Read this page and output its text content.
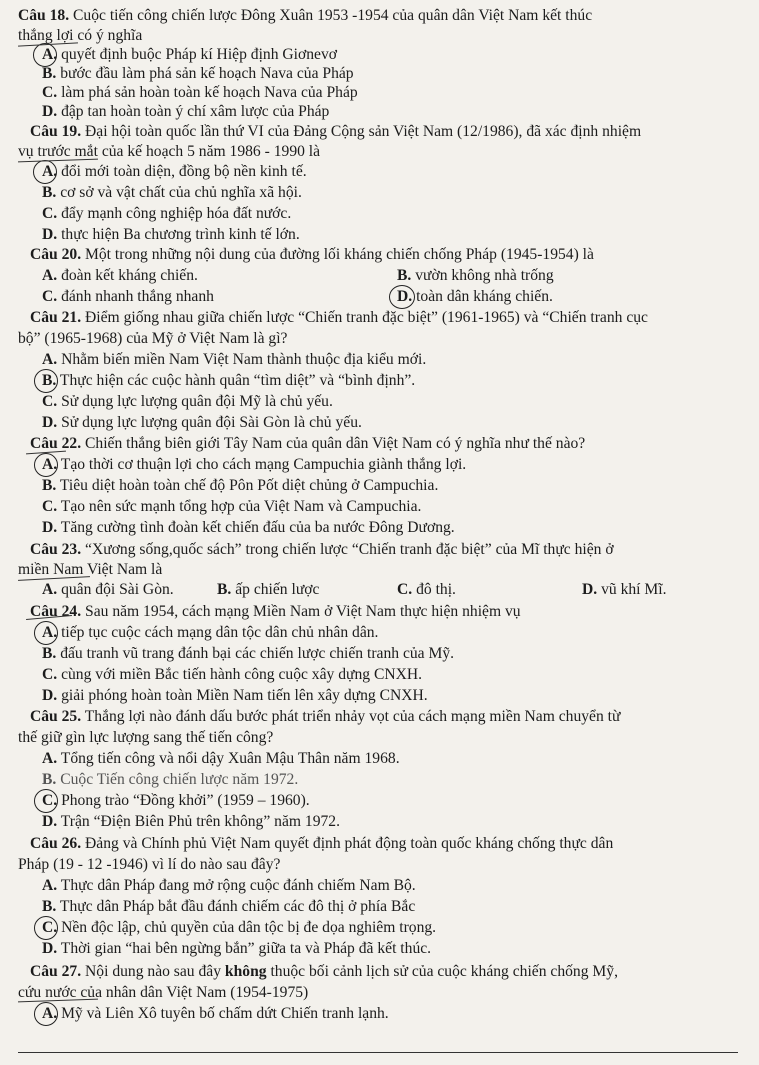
Câu 18. Cuộc tiến công chiến lược Đông Xuân 1953 -1954 của quân dân Việt Nam kết thúc
thắng lợi có ý nghĩa
A. quyết định buộc Pháp kí Hiệp định Giơnevơ
B. bước đầu làm phá sản kế hoạch Nava của Pháp
C. làm phá sản hoàn toàn kế hoạch Nava của Pháp
D. đập tan hoàn toàn ý chí xâm lược của Pháp
Câu 19. Đại hội toàn quốc lần thứ VI của Đảng Cộng sản Việt Nam (12/1986), đã xác định nhiệm
vụ trước mắt của kế hoạch 5 năm 1986 - 1990 là
A. đổi mới toàn diện, đồng bộ nền kinh tế.
B. cơ sở và vật chất của chủ nghĩa xã hội.
C. đẩy mạnh công nghiệp hóa đất nước.
D. thực hiện Ba chương trình kinh tế lớn.
Câu 20. Một trong những nội dung của đường lối kháng chiến chống Pháp (1945-1954) là
A. đoàn kết kháng chiến.	B. vườn không nhà trống
C. đánh nhanh thắng nhanh	D. toàn dân kháng chiến.
Câu 21. Điểm giống nhau giữa chiến lược “Chiến tranh đặc biệt” (1961-1965) và “Chiến tranh cục
bộ” (1965-1968) của Mỹ ở Việt Nam là gì?
A. Nhằm biến miền Nam Việt Nam thành thuộc địa kiểu mới.
B. Thực hiện các cuộc hành quân “tìm diệt” và “bình định”.
C. Sử dụng lực lượng quân đội Mỹ là chủ yếu.
D. Sử dụng lực lượng quân đội Sài Gòn là chủ yếu.
Câu 22. Chiến thắng biên giới Tây Nam của quân dân Việt Nam có ý nghĩa như thế nào?
A. Tạo thời cơ thuận lợi cho cách mạng Campuchia giành thắng lợi.
B. Tiêu diệt hoàn toàn chế độ Pôn Pốt diệt chủng ở Campuchia.
C. Tạo nên sức mạnh tổng hợp của Việt Nam và Campuchia.
D. Tăng cường tình đoàn kết chiến đấu của ba nước Đông Dương.
Câu 23. “Xương sống,quốc sách” trong chiến lược “Chiến tranh đặc biệt” của Mĩ thực hiện ở
miền Nam Việt Nam là
A. quân đội Sài Gòn.	B. ấp chiến lược	C. đô thị.	D. vũ khí Mĩ.
Câu 24. Sau năm 1954, cách mạng Miền Nam ở Việt Nam thực hiện nhiệm vụ
A. tiếp tục cuộc cách mạng dân tộc dân chủ nhân dân.
B. đấu tranh vũ trang đánh bại các chiến lược chiến tranh của Mỹ.
C. cùng với miền Bắc tiến hành công cuộc xây dựng CNXH.
D. giải phóng hoàn toàn Miền Nam tiến lên xây dựng CNXH.
Câu 25. Thắng lợi nào đánh dấu bước phát triển nhảy vọt của cách mạng miền Nam chuyển từ
thế giữ gìn lực lượng sang thế tiến công?
A. Tổng tiến công và nổi dậy Xuân Mậu Thân năm 1968.
B. Cuộc Tiến công chiến lược năm 1972.
C. Phong trào “Đồng khởi” (1959 – 1960).
D. Trận “Điện Biên Phủ trên không” năm 1972.
Câu 26. Đảng và Chính phủ Việt Nam quyết định phát động toàn quốc kháng chống thực dân
Pháp (19 - 12 -1946) vì lí do nào sau đây?
A. Thực dân Pháp đang mở rộng cuộc đánh chiếm Nam Bộ.
B. Thực dân Pháp bắt đầu đánh chiếm các đô thị ở phía Bắc
C. Nền độc lập, chủ quyền của dân tộc bị đe dọa nghiêm trọng.
D. Thời gian “hai bên ngừng bắn” giữa ta và Pháp đã kết thúc.
Câu 27. Nội dung nào sau đây không thuộc bối cảnh lịch sử của cuộc kháng chiến chống Mỹ,
cứu nước của nhân dân Việt Nam (1954-1975)
A. Mỹ và Liên Xô tuyên bố chấm dứt Chiến tranh lạnh.
